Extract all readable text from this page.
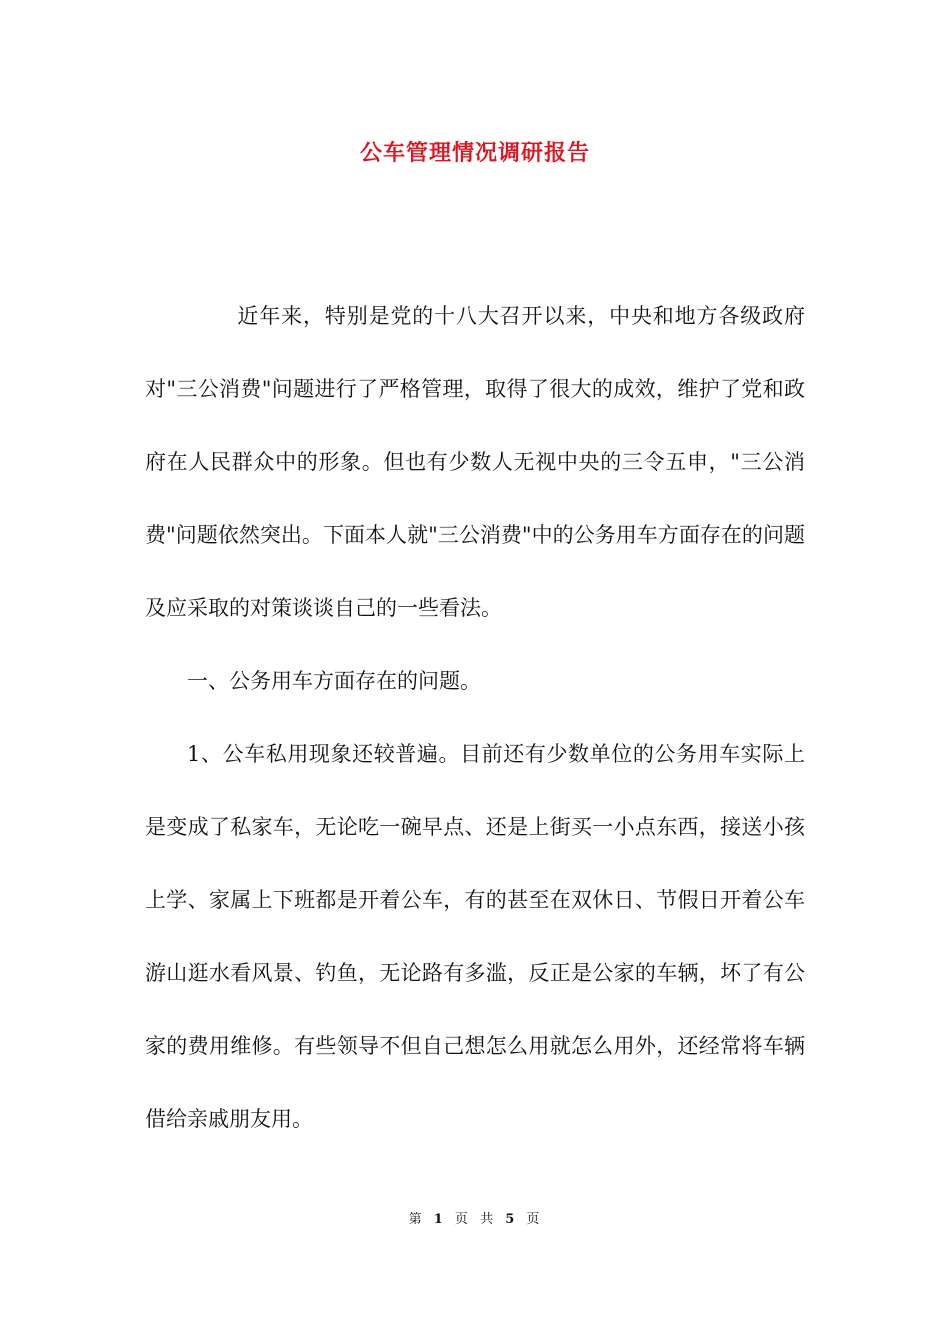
公车管理情况调研报告

近年来，特别是党的十八大召开以来，中央和地方各级政府对"三公消费"问题进行了严格管理，取得了很大的成效，维护了党和政府在人民群众中的形象。但也有少数人无视中央的三令五申，"三公消费"问题依然突出。下面本人就"三公消费"中的公务用车方面存在的问题及应采取的对策谈谈自己的一些看法。

一、公务用车方面存在的问题。

1、公车私用现象还较普遍。目前还有少数单位的公务用车实际上是变成了私家车，无论吃一碗早点、还是上街买一小点东西，接送小孩上学、家属上下班都是开着公车，有的甚至在双休日、节假日开着公车游山逛水看风景、钓鱼，无论路有多滥，反正是公家的车辆，坏了有公家的费用维修。有些领导不但自己想怎么用就怎么用外，还经常将车辆借给亲戚朋友用。

第 1 页 共 5 页
